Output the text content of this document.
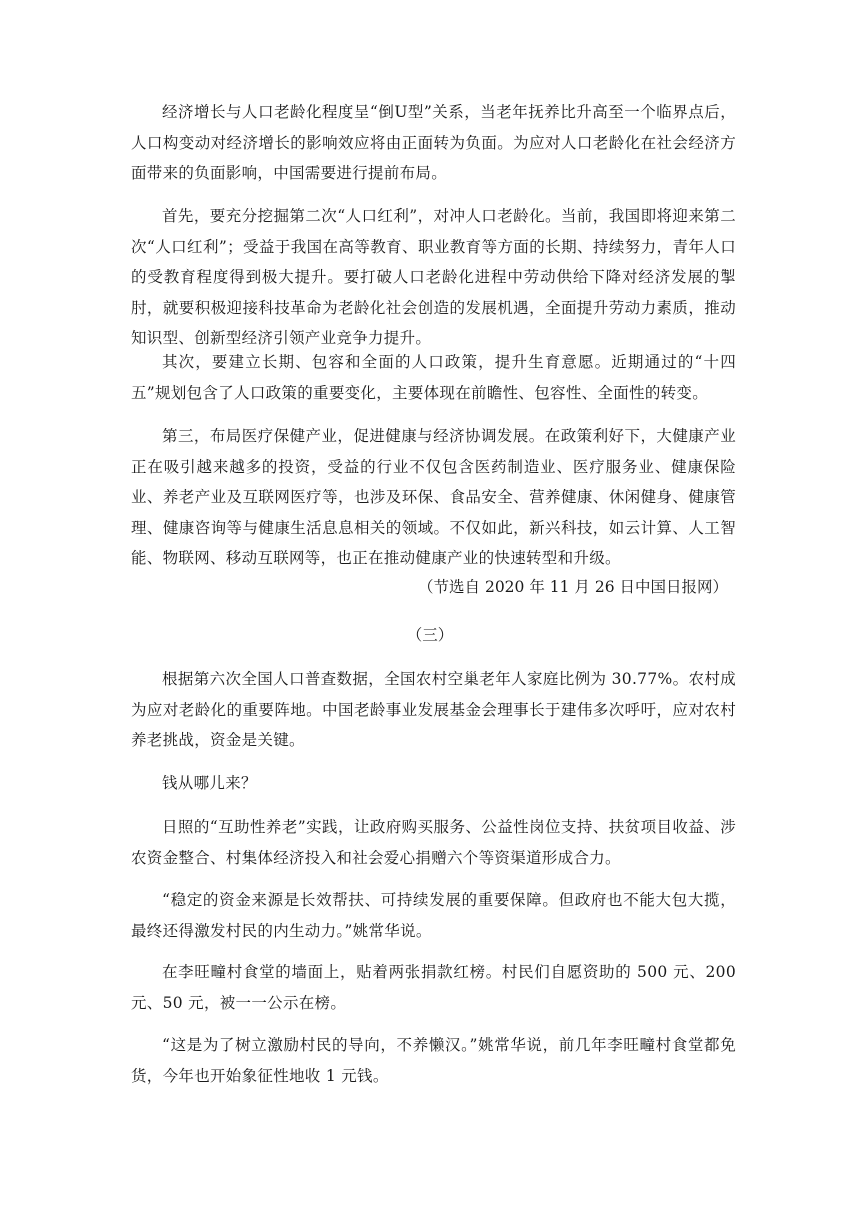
经济增长与人口老龄化程度呈“倒U型”关系，当老年抚养比升高至一个临界点后，人口构变动对经济增长的影响效应将由正面转为负面。为应对人口老龄化在社会经济方面带来的负面影响，中国需要进行提前布局。

首先，要充分挖掘第二次“人口红利”，对冲人口老龄化。当前，我国即将迎来第二次“人口红利”；受益于我国在高等教育、职业教育等方面的长期、持续努力，青年人口的受教育程度得到极大提升。要打破人口老龄化进程中劳动供给下降对经济发展的掣肘，就要积极迎接科技革命为老龄化社会创造的发展机遇，全面提升劳动力素质，推动知识型、创新型经济引领产业竞争力提升。

其次，要建立长期、包容和全面的人口政策，提升生育意愿。近期通过的“十四五”规划包含了人口政策的重要变化，主要体现在前瞻性、包容性、全面性的转变。

第三，布局医疗保健产业，促进健康与经济协调发展。在政策利好下，大健康产业正在吸引越来越多的投资，受益的行业不仅包含医药制造业、医疗服务业、健康保险业、养老产业及互联网医疗等，也涉及环保、食品安全、营养健康、休闲健身、健康管理、健康咨询等与健康生活息息相关的领域。不仅如此，新兴科技，如云计算、人工智能、物联网、移动互联网等，也正在推动健康产业的快速转型和升级。

（节选自 2020 年 11 月 26 日中国日报网）

（三）

根据第六次全国人口普查数据，全国农村空巢老年人家庭比例为 30.77%。农村成为应对老龄化的重要阵地。中国老龄事业发展基金会理事长于建伟多次呼吁，应对农村养老挑战，资金是关键。

钱从哪儿来？

日照的“互助性养老”实践，让政府购买服务、公益性岗位支持、扶贫项目收益、涉农资金整合、村集体经济投入和社会爱心捐赠六个等资渠道形成合力。

“稳定的资金来源是长效帮扶、可持续发展的重要保障。但政府也不能大包大揽，最终还得激发村民的内生动力。”姚常华说。

在李旺疃村食堂的墙面上，贴着两张捐款红榜。村民们自愿资助的 500 元、200 元、50 元，被一一公示在榜。

“这是为了树立激励村民的导向，不养懒汉。”姚常华说，前几年李旺疃村食堂都免货，今年也开始象征性地收 1 元钱。
